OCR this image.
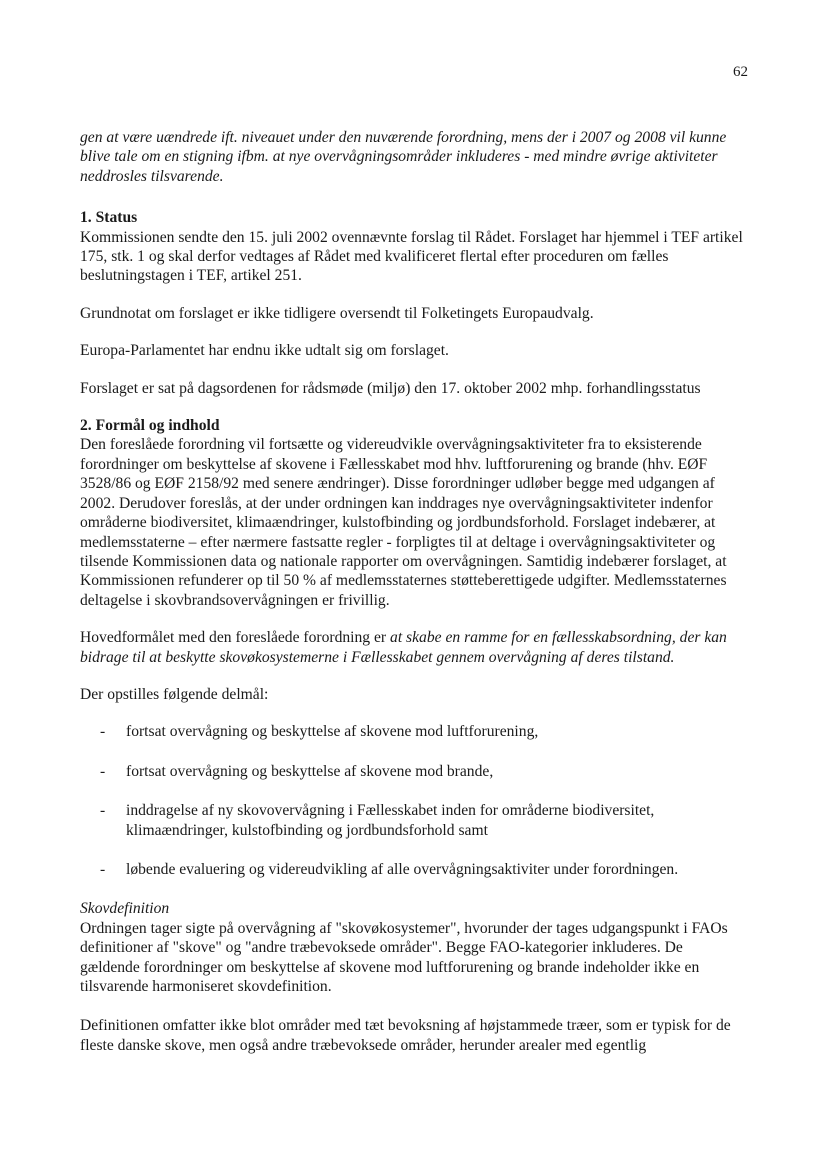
62

gen at være uændrede ift. niveauet under den nuværende forordning, mens der i 2007 og 2008 vil kunne blive tale om en stigning ifbm. at nye overvågningsområder inkluderes - med mindre øvrige aktiviteter neddrosles tilsvarende.

1. Status

Kommissionen sendte den 15. juli 2002 ovennævnte forslag til Rådet. Forslaget har hjemmel i TEF artikel 175, stk. 1 og skal derfor vedtages af Rådet med kvalificeret flertal efter proceduren om fælles beslutningstagen i TEF, artikel 251.

Grundnotat om forslaget er ikke tidligere oversendt til Folketingets Europaudvalg.

Europa-Parlamentet har endnu ikke udtalt sig om forslaget.

Forslaget er sat på dagsordenen for rådsmøde (miljø) den 17. oktober 2002 mhp. forhandlingsstatus

2. Formål og indhold

Den foreslåede forordning vil fortsætte og videreudvikle overvågningsaktiviteter fra to eksisterende forordninger om beskyttelse af skovene i Fællesskabet mod hhv. luftforurening og brande (hhv. EØF 3528/86 og EØF 2158/92 med senere ændringer). Disse forordninger udløber begge med udgangen af 2002. Derudover foreslås, at der under ordningen kan inddrages nye overvågningsaktiviteter indenfor områderne biodiversitet, klimaændringer, kulstofbinding og jordbundsforhold. Forslaget indebærer, at medlemsstaterne – efter nærmere fastsatte regler - forpligtes til at deltage i overvågningsaktiviteter og tilsende Kommissionen data og nationale rapporter om overvågningen. Samtidig indebærer forslaget, at Kommissionen refunderer op til 50 % af medlemsstaternes støtteberettigede udgifter. Medlemsstaternes deltagelse i skovbrandsovervågningen er frivillig.

Hovedformålet med den foreslåede forordning er at skabe en ramme for en fællesskabsordning, der kan bidrage til at beskytte skovøkosystemerne i Fællesskabet gennem overvågning af deres tilstand.

Der opstilles følgende delmål:

- fortsat overvågning og beskyttelse af skovene mod luftforurening,
- fortsat overvågning og beskyttelse af skovene mod brande,
- inddragelse af ny skovovervågning i Fællesskabet inden for områderne biodiversitet, klimaændringer, kulstofbinding og jordbundsforhold samt
- løbende evaluering og videreudvikling af alle overvågningsaktiviter under forordningen.

Skovdefinition

Ordningen tager sigte på overvågning af "skovøkosystemer", hvorunder der tages udgangspunkt i FAOs definitioner af "skove" og "andre træbevoksede områder". Begge FAO-kategorier inkluderes. De gældende forordninger om beskyttelse af skovene mod luftforurening og brande indeholder ikke en tilsvarende harmoniseret skovdefinition.

Definitionen omfatter ikke blot områder med tæt bevoksning af højstammede træer, som er typisk for de fleste danske skove, men også andre træbevoksede områder, herunder arealer med egentlig
